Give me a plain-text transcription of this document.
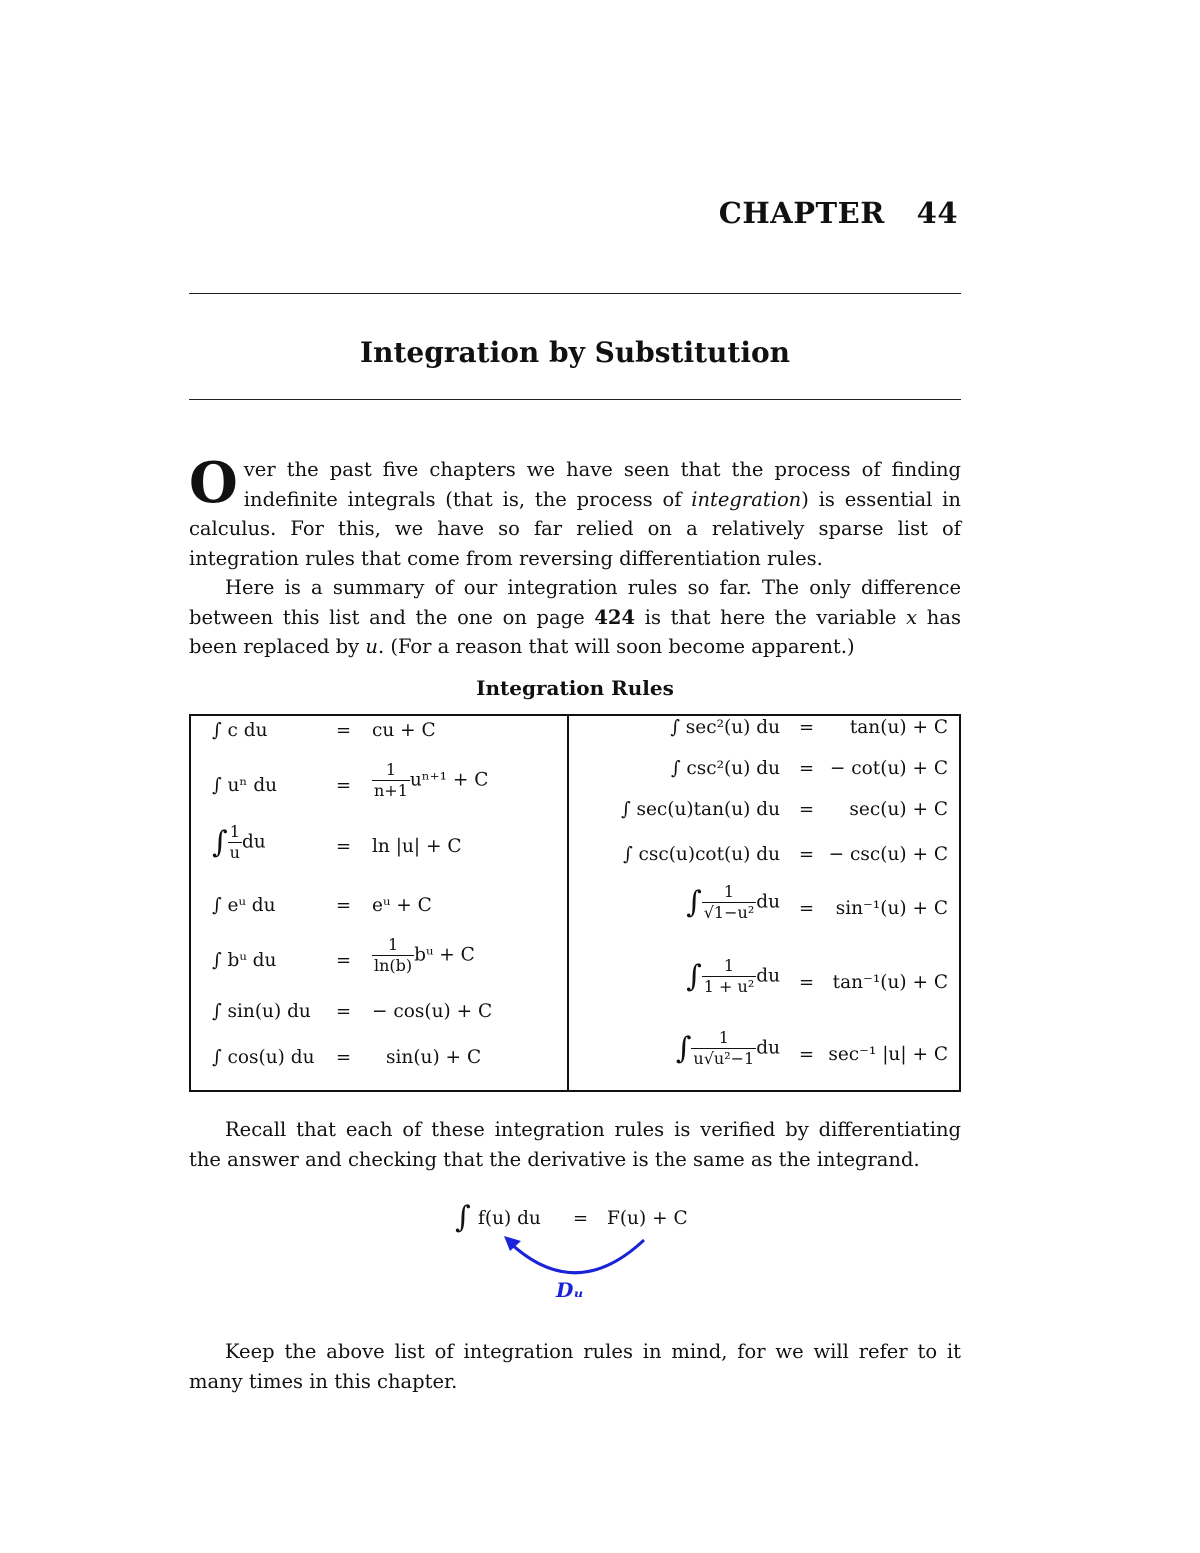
CHAPTER 44
Integration by Substitution
Over the past five chapters we have seen that the process of finding indefinite integrals (that is, the process of integration) is essential in calculus. For this, we have so far relied on a relatively sparse list of integration rules that come from reversing differentiation rules.
Here is a summary of our integration rules so far. The only difference between this list and the one on page 424 is that here the variable x has been replaced by u. (For a reason that will soon become apparent.)
Integration Rules
∫ c du	= cu + C
∫ uⁿ du	= $\frac{1}{n+1} u^{n+1} + C$
∫ $\frac{1}{u}$ du	= ln |u| + C
∫ eᵘ du	= eᵘ + C
∫ bᵘ du	= $\frac{1}{\ln(b)}$ bᵘ + C
∫ sin(u) du = − cos(u) + C
∫ cos(u) du = sin(u) + C
∫ sec²(u) du = tan(u) + C
∫ csc²(u) du = − cot(u) + C
∫ sec(u)tan(u) du = sec(u) + C
∫ csc(u)cot(u) du = − csc(u) + C
∫ $\frac{1}{\text{√1−u²}}$ du = sin⁻¹(u) + C
∫ $\frac{1}{\text{1 + u²}}$ du = tan⁻¹(u) + C
∫ $\frac{1}{\text{u√u²−1}}$ du = sec⁻¹ |u| + C
Recall that each of these integration rules is verified by differentiating the answer and checking that the derivative is the same as the integrand.
∫ f(u) du = F(u) + C
Dᵤ
Keep the above list of integration rules in mind, for we will refer to it many times in this chapter.
